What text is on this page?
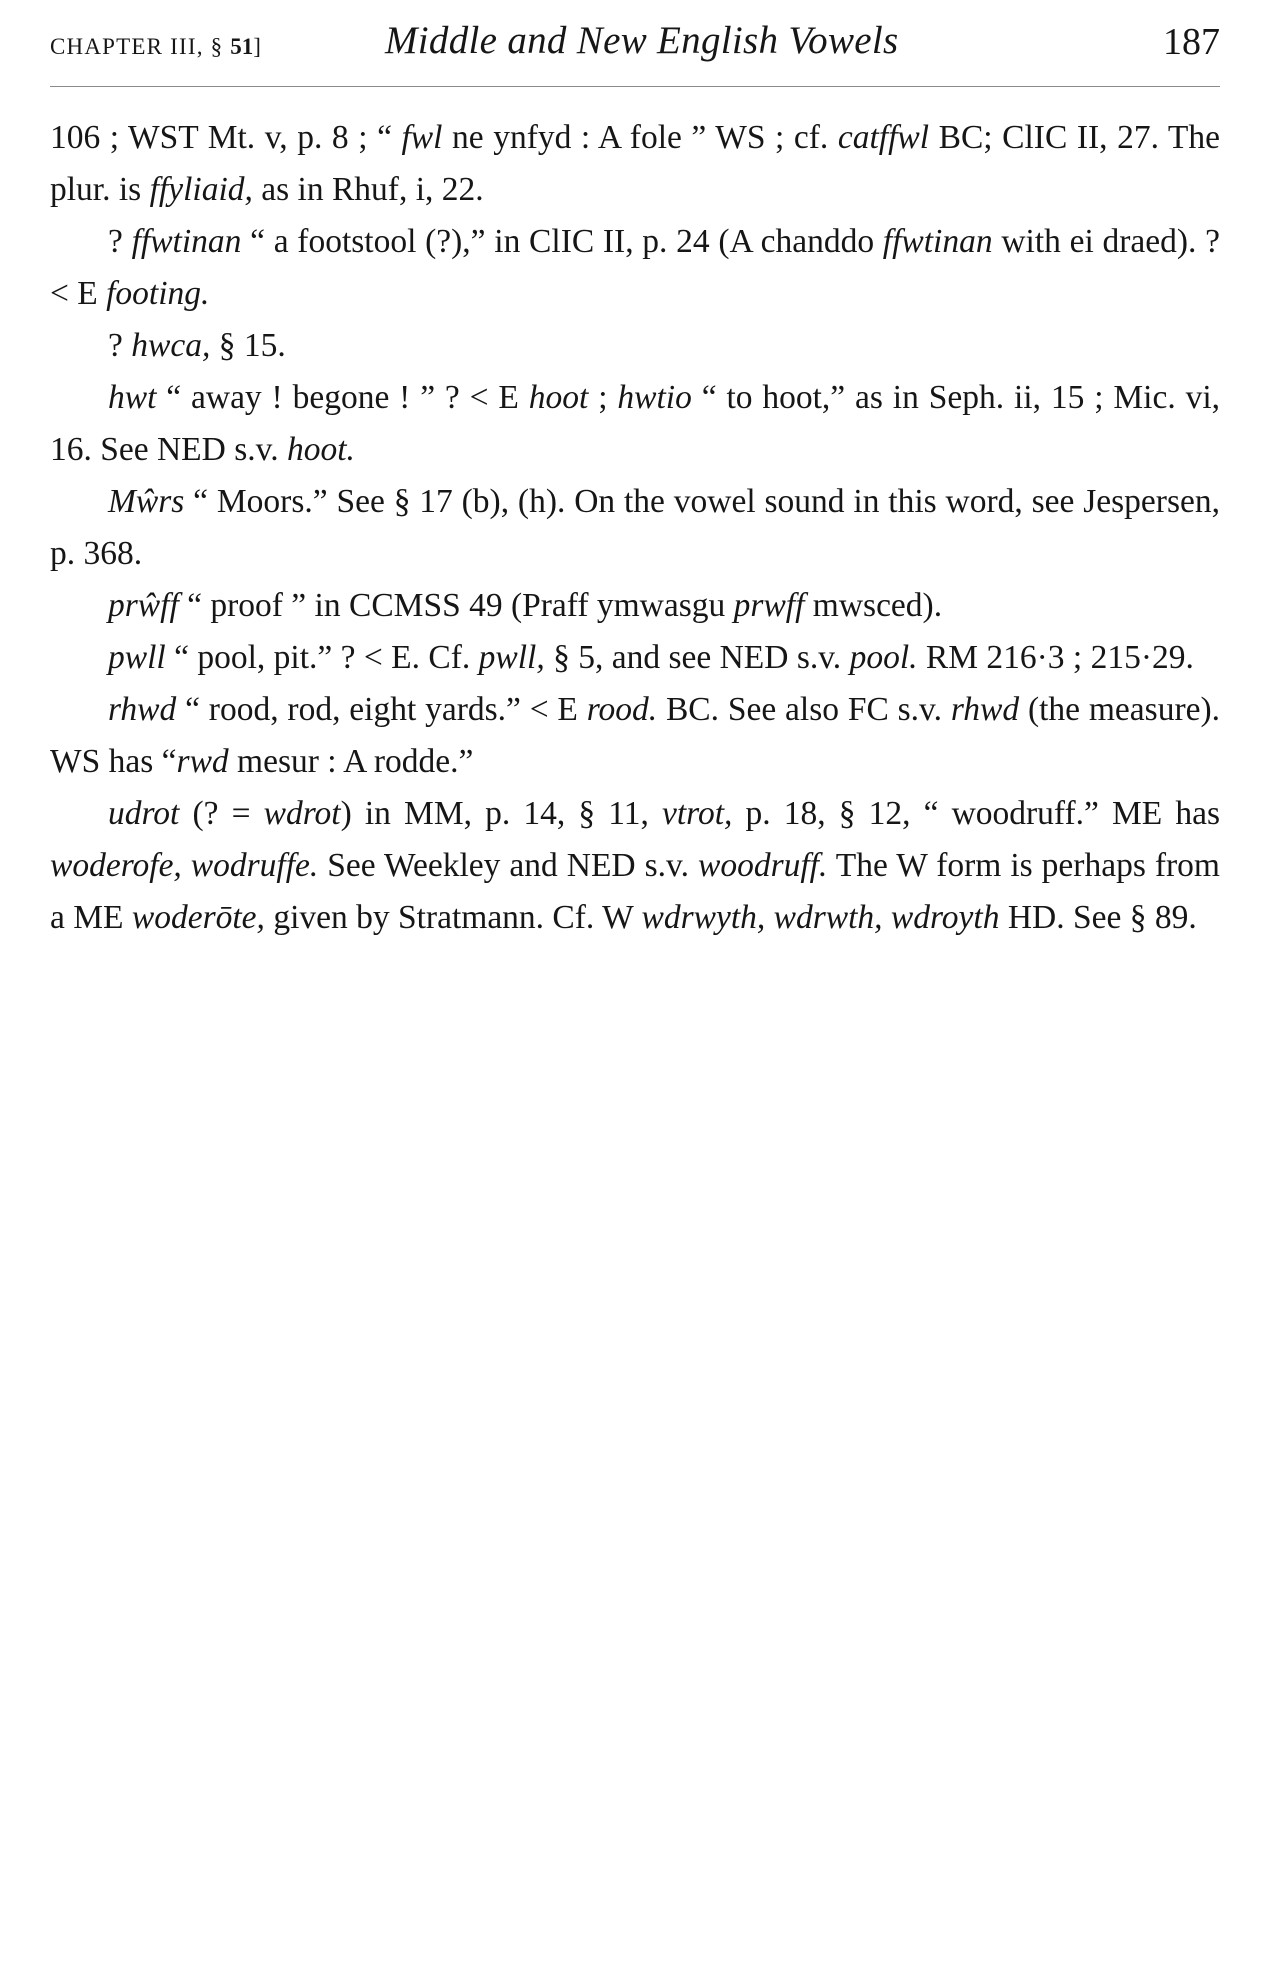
CHAPTER III, § 51]	Middle and New English Vowels	187

106 ; WST Mt. v, p. 8 ; “ fwl ne ynfyd : A fole ” WS ; cf. catffwl BC; ClIC II, 27. The plur. is ffyliaid, as in Rhuf, i, 22.

? ffwtinan “ a footstool (?),” in ClIC II, p. 24 (A chanddo ffwtinan with ei draed). ? < E footing.

? hwca, § 15.

hwt “ away ! begone ! ” ? < E hoot ; hwtio “ to hoot,” as in Seph. ii, 15 ; Mic. vi, 16. See NED s.v. hoot.

Mŵrs “ Moors.” See § 17 (b), (h). On the vowel sound in this word, see Jespersen, p. 368.

prŵff “ proof ” in CCMSS 49 (Praff ymwasgu prwff mwsced).

pwll “ pool, pit.” ? < E. Cf. pwll, § 5, and see NED s.v. pool. RM 216·3 ; 215·29.

rhwd “ rood, rod, eight yards.” < E rood. BC. See also FC s.v. rhwd (the measure). WS has “rwd mesur : A rodde.”

udrot (? = wdrot) in MM, p. 14, § 11, vtrot, p. 18, § 12, “ woodruff.” ME has woderofe, wodruffe. See Weekley and NED s.v. woodruff. The W form is perhaps from a ME woderōte, given by Stratmann. Cf. W wdrwyth, wdrwth, wdroyth HD. See § 89.
